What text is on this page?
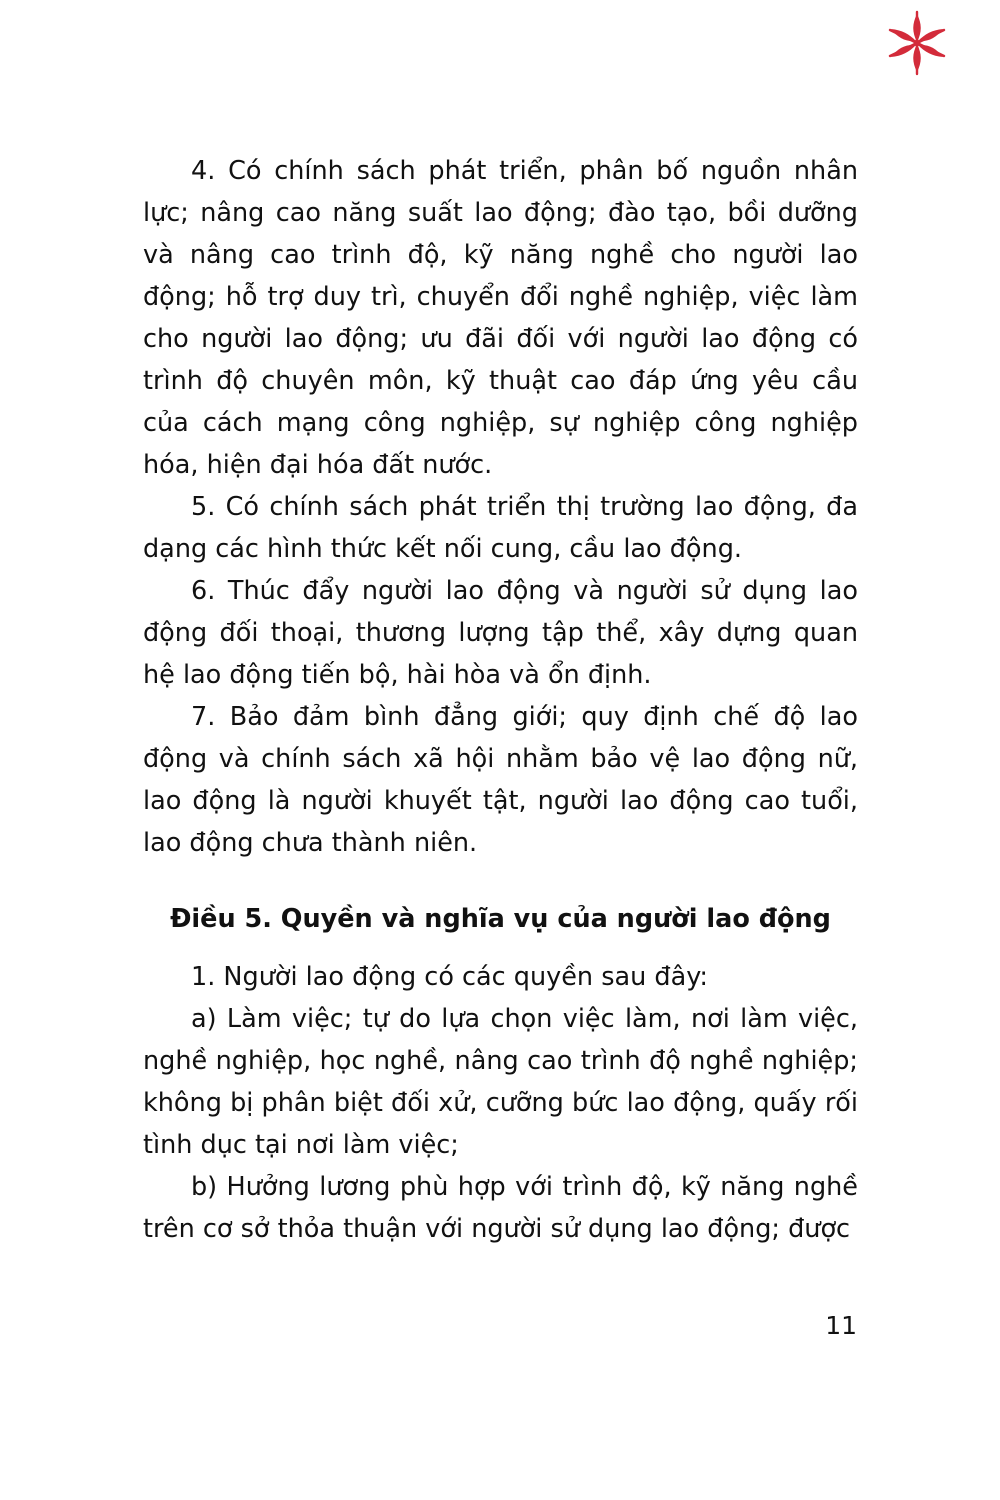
4. Có chính sách phát triển, phân bố nguồn nhân lực; nâng cao năng suất lao động; đào tạo, bồi dưỡng và nâng cao trình độ, kỹ năng nghề cho người lao động; hỗ trợ duy trì, chuyển đổi nghề nghiệp, việc làm cho người lao động; ưu đãi đối với người lao động có trình độ chuyên môn, kỹ thuật cao đáp ứng yêu cầu của cách mạng công nghiệp, sự nghiệp công nghiệp hóa, hiện đại hóa đất nước.

5. Có chính sách phát triển thị trường lao động, đa dạng các hình thức kết nối cung, cầu lao động.

6. Thúc đẩy người lao động và người sử dụng lao động đối thoại, thương lượng tập thể, xây dựng quan hệ lao động tiến bộ, hài hòa và ổn định.

7. Bảo đảm bình đẳng giới; quy định chế độ lao động và chính sách xã hội nhằm bảo vệ lao động nữ, lao động là người khuyết tật, người lao động cao tuổi, lao động chưa thành niên.

Điều 5. Quyền và nghĩa vụ của người lao động

1. Người lao động có các quyền sau đây:

a) Làm việc; tự do lựa chọn việc làm, nơi làm việc, nghề nghiệp, học nghề, nâng cao trình độ nghề nghiệp; không bị phân biệt đối xử, cưỡng bức lao động, quấy rối tình dục tại nơi làm việc;

b) Hưởng lương phù hợp với trình độ, kỹ năng nghề trên cơ sở thỏa thuận với người sử dụng lao động; được

11
